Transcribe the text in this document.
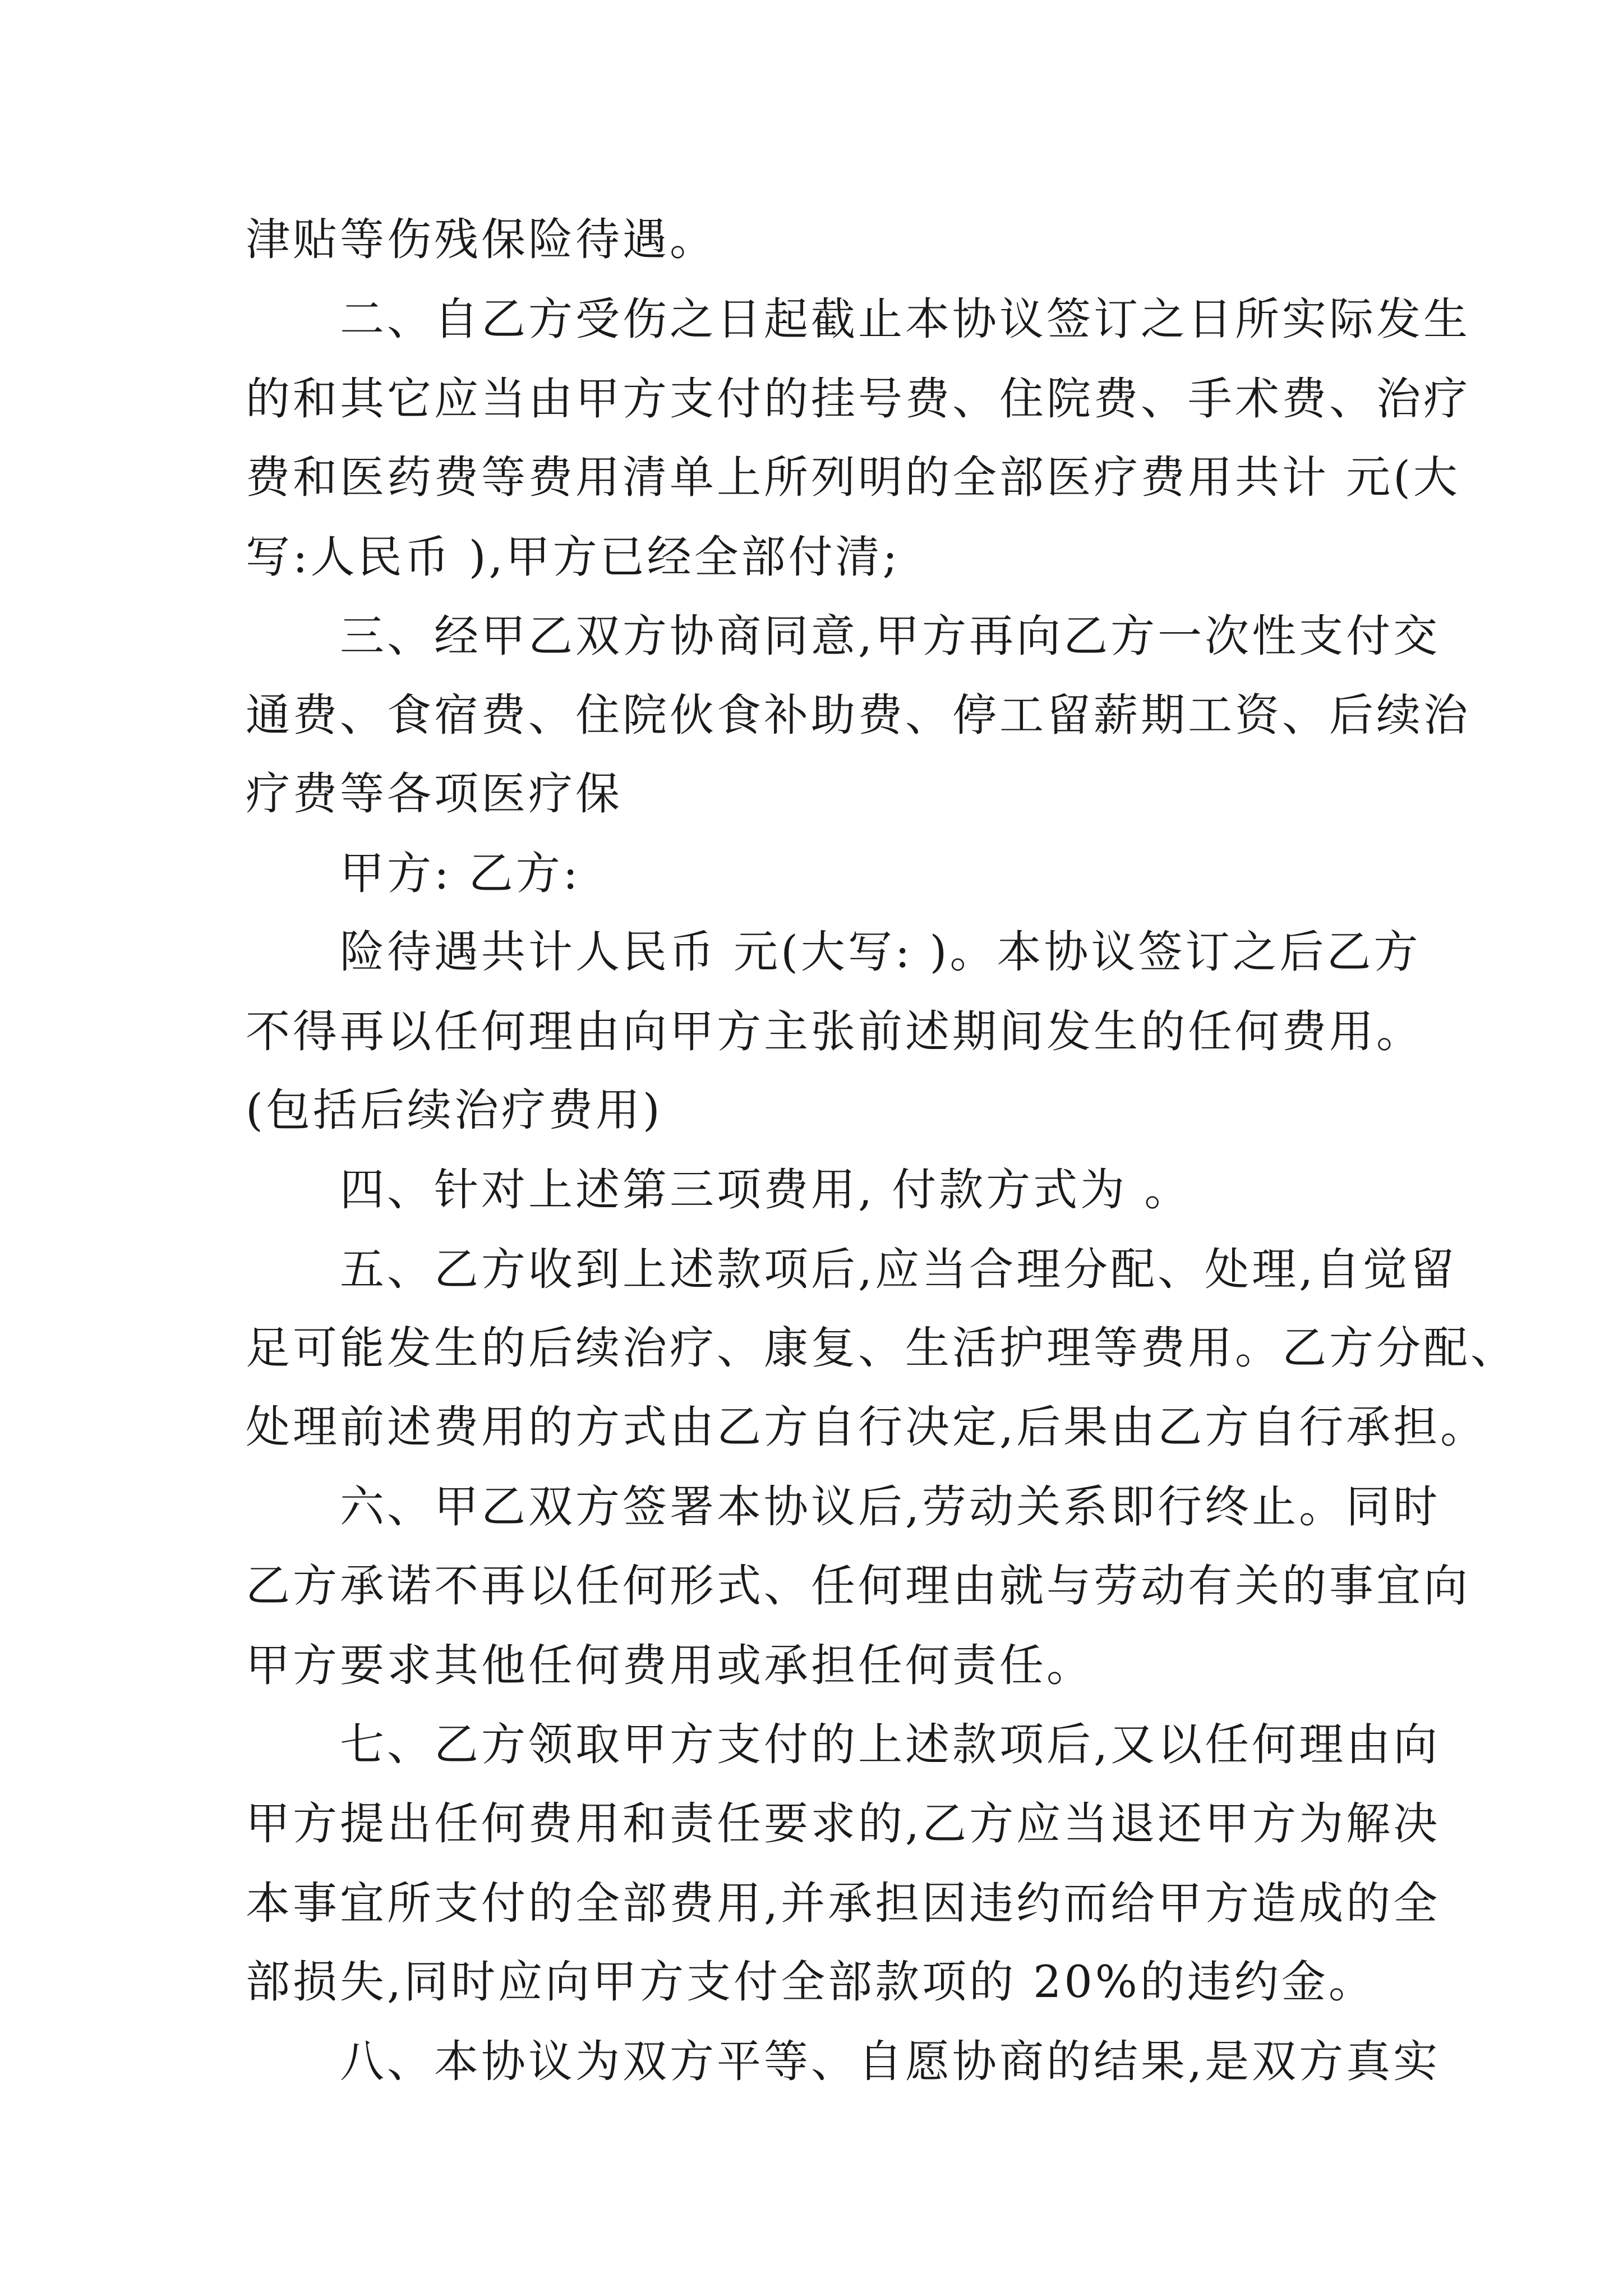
津贴等伤残保险待遇。
二、自乙方受伤之日起截止本协议签订之日所实际发生
的和其它应当由甲方支付的挂号费、住院费、手术费、治疗
费和医药费等费用清单上所列明的全部医疗费用共计 元(大
写:人民币 ),甲方已经全部付清;
三、经甲乙双方协商同意,甲方再向乙方一次性支付交
通费、食宿费、住院伙食补助费、停工留薪期工资、后续治
疗费等各项医疗保
甲方: 乙方:
险待遇共计人民币 元(大写: )。本协议签订之后乙方
不得再以任何理由向甲方主张前述期间发生的任何费用。
(包括后续治疗费用)
四、针对上述第三项费用, 付款方式为 。
五、乙方收到上述款项后,应当合理分配、处理,自觉留
足可能发生的后续治疗、康复、生活护理等费用。乙方分配、
处理前述费用的方式由乙方自行决定,后果由乙方自行承担。
六、甲乙双方签署本协议后,劳动关系即行终止。同时
乙方承诺不再以任何形式、任何理由就与劳动有关的事宜向
甲方要求其他任何费用或承担任何责任。
七、乙方领取甲方支付的上述款项后,又以任何理由向
甲方提出任何费用和责任要求的,乙方应当退还甲方为解决
本事宜所支付的全部费用,并承担因违约而给甲方造成的全
部损失,同时应向甲方支付全部款项的 20%的违约金。
八、本协议为双方平等、自愿协商的结果,是双方真实
